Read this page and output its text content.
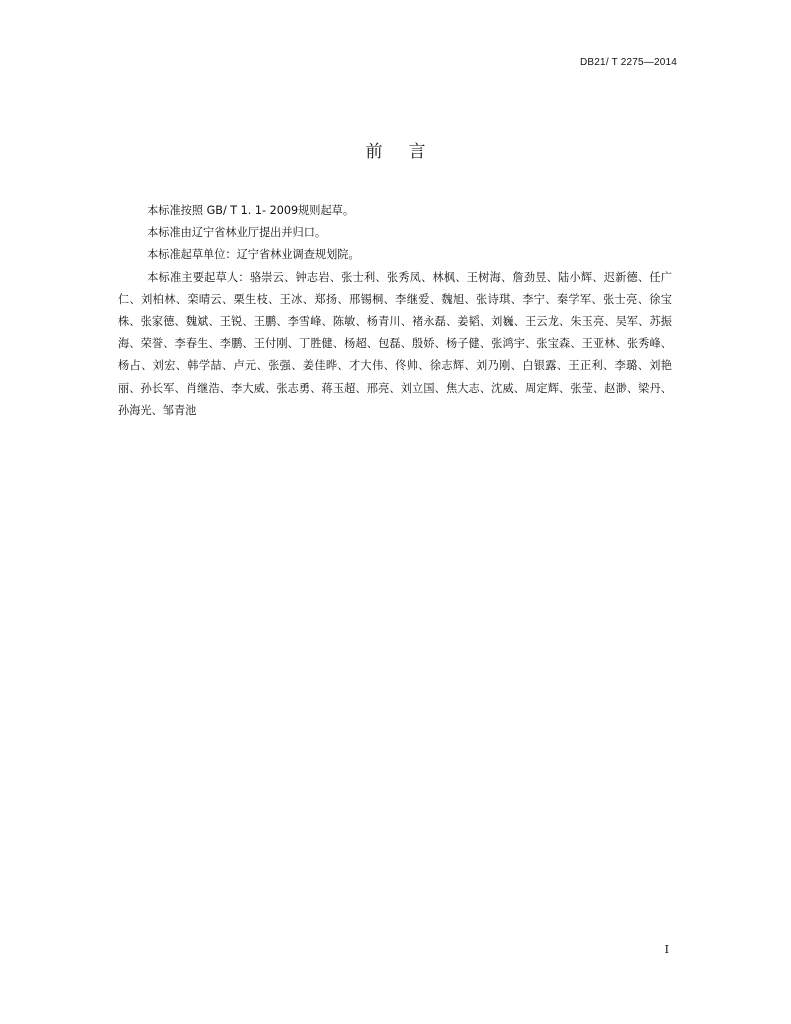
DB21/ T 2275—2014
前言

本标准按照 GB/ T 1. 1- 2009规则起草。

本标准由辽宁省林业厅提出并归口。

本标准起草单位：辽宁省林业调查规划院。

本标准主要起草人：骆崇云、钟志岩、张士利、张秀凤、林枫、王树海、詹劲昱、陆小辉、迟新德、任广仁、刘柏林、栾晴云、栗生枝、王冰、郑扬、邢锡桐、李继爱、魏旭、张诗琪、李宁、秦学军、张士亮、徐宝株、张家德、魏斌、王锐、王鹏、李雪峰、陈敏、杨青川、褚永磊、姜韬、刘巍、王云龙、朱玉亮、吴军、苏振海、荣誉、李春生、李鹏、王付刚、丁胜健、杨超、包磊、殷娇、杨子健、张鸿宇、张宝森、王亚林、张秀峰、杨占、刘宏、韩学喆、卢元、张强、姜佳晔、才大伟、佟帅、徐志辉、刘乃刚、白银露、王正利、李璐、刘艳丽、孙长军、肖继浩、李大威、张志勇、蒋玉超、邢亮、刘立国、焦大志、沈威、周定辉、张莹、赵渺、梁丹、孙海光、邹青池

I
